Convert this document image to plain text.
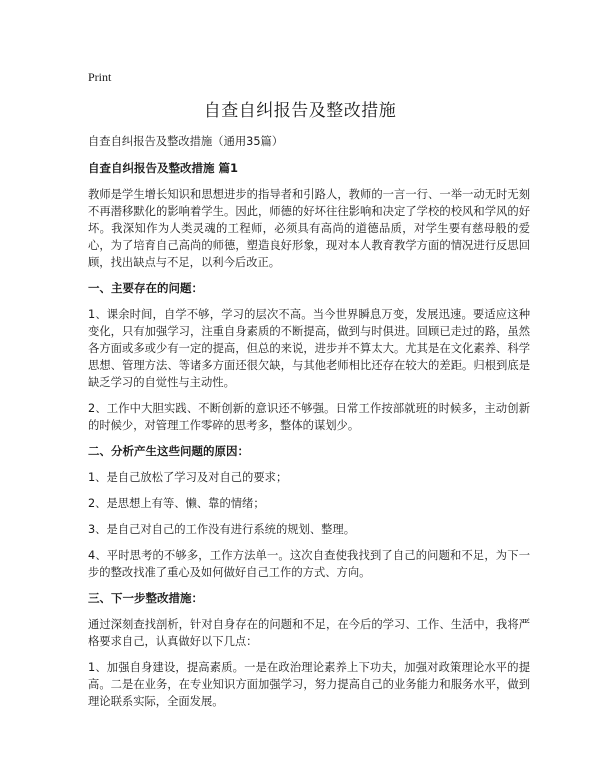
Print
自查自纠报告及整改措施

自查自纠报告及整改措施（通用35篇）

自查自纠报告及整改措施 篇1

教师是学生增长知识和思想进步的指导者和引路人，教师的一言一行、一举一动无时无刻不再潜移默化的影响着学生。因此，师德的好坏往往影响和决定了学校的校风和学风的好坏。我深知作为人类灵魂的工程师，必须具有高尚的道德品质，对学生要有慈母般的爱心，为了培育自己高尚的师德，塑造良好形象，现对本人教育教学方面的情况进行反思回顾，找出缺点与不足，以利今后改正。

一、主要存在的问题：

1、课余时间，自学不够，学习的层次不高。当今世界瞬息万变，发展迅速。要适应这种变化，只有加强学习，注重自身素质的不断提高，做到与时俱进。回顾已走过的路，虽然各方面或多或少有一定的提高，但总的来说，进步并不算太大。尤其是在文化素养、科学思想、管理方法、等诸多方面还很欠缺，与其他老师相比还存在较大的差距。归根到底是缺乏学习的自觉性与主动性。

2、工作中大胆实践、不断创新的意识还不够强。日常工作按部就班的时候多，主动创新的时候少，对管理工作零碎的思考多，整体的谋划少。

二、分析产生这些问题的原因：

1、是自己放松了学习及对自己的要求；

2、是思想上有等、懒、靠的情绪；

3、是自己对自己的工作没有进行系统的规划、整理。

4、平时思考的不够多，工作方法单一。这次自查使我找到了自己的问题和不足，为下一步的整改找准了重心及如何做好自己工作的方式、方向。

三、下一步整改措施：

通过深刻查找剖析，针对自身存在的问题和不足，在今后的学习、工作、生活中，我将严格要求自己，认真做好以下几点：

1、加强自身建设，提高素质。一是在政治理论素养上下功夫，加强对政策理论水平的提高。二是在业务，在专业知识方面加强学习，努力提高自己的业务能力和服务水平，做到理论联系实际，全面发展。
